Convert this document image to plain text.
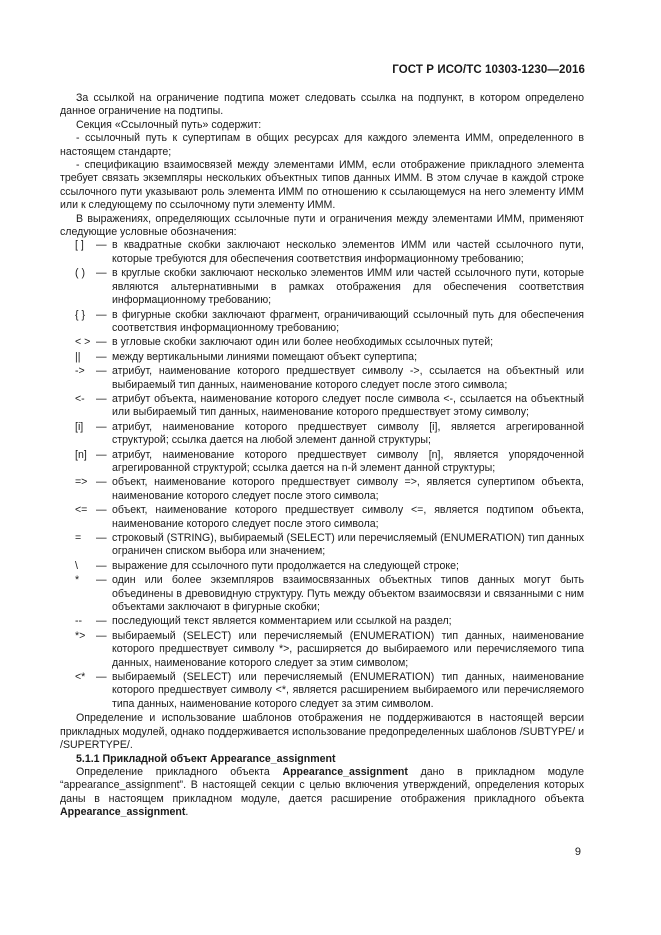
ГОСТ Р ИСО/ТС 10303-1230—2016

За ссылкой на ограничение подтипа может следовать ссылка на подпункт, в котором определено данное ограничение на подтипы.

Секция «Ссылочный путь» содержит:

- ссылочный путь к супертипам в общих ресурсах для каждого элемента ИММ, определенного в настоящем стандарте;

- спецификацию взаимосвязей между элементами ИММ, если отображение прикладного элемента требует связать экземпляры нескольких объектных типов данных ИММ. В этом случае в каждой строке ссылочного пути указывают роль элемента ИММ по отношению к ссылающемуся на него элементу ИММ или к следующему по ссылочному пути элементу ИММ.

В выражениях, определяющих ссылочные пути и ограничения между элементами ИММ, применяют следующие условные обозначения:

[ ]	— в квадратные скобки заключают несколько элементов ИММ или частей ссылочного пути, которые требуются для обеспечения соответствия информационному требованию;
( )	— в круглые скобки заключают несколько элементов ИММ или частей ссылочного пути, которые являются альтернативными в рамках отображения для обеспечения соответствия информационному требованию;
{ }	— в фигурные скобки заключают фрагмент, ограничивающий ссылочный путь для обеспечения соответствия информационному требованию;
< > — в угловые скобки заключают один или более необходимых ссылочных путей;
||	— между вертикальными линиями помещают объект супертипа;
->	— атрибут, наименование которого предшествует символу ->, ссылается на объектный или выбираемый тип данных, наименование которого следует после этого символа;
<-	— атрибут объекта, наименование которого следует после символа <-, ссылается на объектный или выбираемый тип данных, наименование которого предшествует этому символу;
[i]	— атрибут, наименование которого предшествует символу [i], является агрегированной структурой; ссылка дается на любой элемент данной структуры;
[n] — атрибут, наименование которого предшествует символу [n], является упорядоченной агрегированной структурой; ссылка дается на n-й элемент данной структуры;
=> — объект, наименование которого предшествует символу =>, является супертипом объекта, наименование которого следует после этого символа;
<= — объект, наименование которого предшествует символу <=, является подтипом объекта, наименование которого следует после этого символа;
=	— строковый (STRING), выбираемый (SELECT) или перечисляемый (ENUMERATION) тип данных ограничен списком выбора или значением;
\	— выражение для ссылочного пути продолжается на следующей строке;
*	— один или более экземпляров взаимосвязанных объектных типов данных могут быть объединены в древовидную структуру. Путь между объектом взаимосвязи и связанными с ним объектами заключают в фигурные скобки;
--	— последующий текст является комментарием или ссылкой на раздел;
*>	— выбираемый (SELECT) или перечисляемый (ENUMERATION) тип данных, наименование которого предшествует символу *>, расширяется до выбираемого или перечисляемого типа данных, наименование которого следует за этим символом;
<*	— выбираемый (SELECT) или перечисляемый (ENUMERATION) тип данных, наименование которого предшествует символу <*, является расширением выбираемого или перечисляемого типа данных, наименование которого следует за этим символом.

Определение и использование шаблонов отображения не поддерживаются в настоящей версии прикладных модулей, однако поддерживается использование предопределенных шаблонов /SUBTYPE/ и /SUPERTYPE/.

5.1.1 Прикладной объект Appearance_assignment

Определение прикладного объекта Appearance_assignment дано в прикладном модуле “appearance_assignment”. В настоящей секции с целью включения утверждений, определения которых даны в настоящем прикладном модуле, дается расширение отображения прикладного объекта Appearance_assignment.

9
